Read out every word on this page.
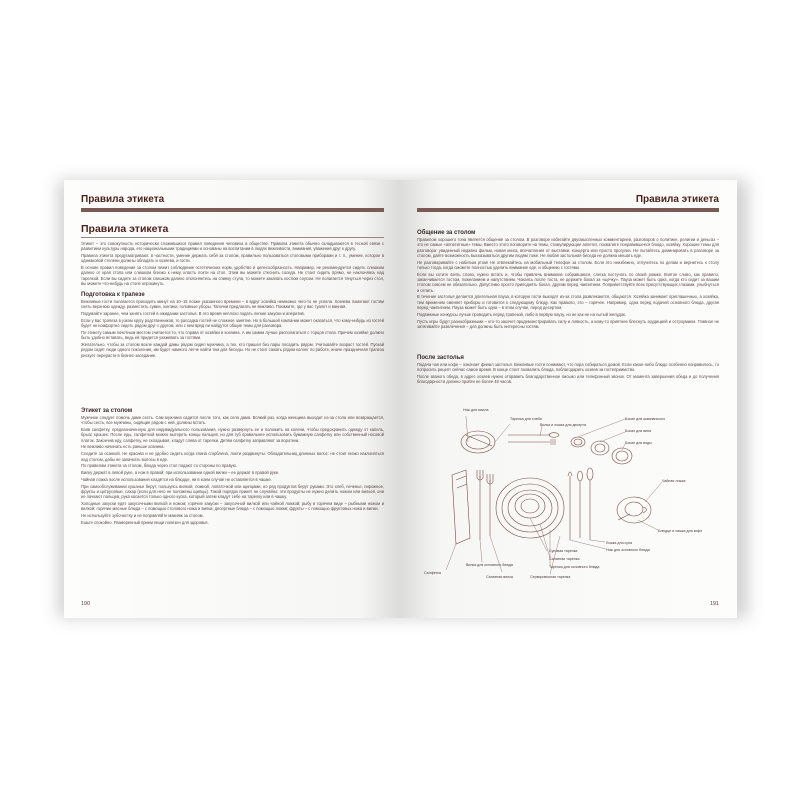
Правила этикета
Правила этикета

Этикет – это совокупность исторически сложившихся правил поведения человека в обществе. Правила этикета обычно складываются в тесной связи с развитием культуры народа, его национальными традициями и основаны на воспитании в людях вежливости, внимания, уважения друг к другу.

Правила этикета предусматривают, в частности, умение держать себя за столом, правильно пользоваться столовыми приборами и т. п., умение, которое в одинаковой степени должны обладать и хозяева, и гости.

В основе правил поведения за столом лежит соблюдение эстетических норм, удобство и целесообразность. Например, не рекомендуется сидеть слишком далеко от края стола или слишком близко к нему, класть локти на стол. Этим вы можете стеснить соседа. Не стоит сидеть прямо, не наклоняясь над тарелкой. Если вы сидите за столом слишком далеко отклоняетесь на спинку стула, то можете закапать костюм соусом. Не полагается тянуться через стол, вы можете что-нибудь на столе опрокинуть.

Подготовка к трапезе

Вежливые гости полагается приходить минут на 10–15 позже указанного времени – в вдруг хозяйка немножко чего-то не успела. Хозяева помогают гостям снять верхнюю одежду, разместить сумки, зонтики, головные уборы. Тапочки предлагать не вежливо. Покажите, где у вас туалет и ванная.

Подумайте заранее, чем занять гостей в ожидании застолья. В это время неплохо подать легкие закуски и аперитив.

Если у вас трапеза в узком кругу родственников, то рассадка гостей не сложное занятие. Но в большой компании может оказаться, что кому-нибудь из гостей будет не комфортно сидеть рядом друг с другом, или с кем вряд ли найдутся общие темы для разговора.

По этикету самым почетным местом считается то, что справа от хозяйки и хозяина. А им самим лучше располагаться с торцов стола. Причем хозяйке должно быть удобно вставать, ведь ей придется ухаживать за гостями.

Желательно, чтобы за столом возле каждой дамы рядом сидел мужчина, а тех, кто пришел без пары посадить рядом. Учитывайте возраст гостей. Пускай рядом сидят люди одного поколения, им будет намного легче найти тем для беседы. Но не стоит сажать рядом коллег по работе, иначе праздничная трапеза рискует перерасти в бизнес-заседание.

Этикет за столом

Мужчине следует помочь даме сесть. Сам мужчина садится после того, как села дама. Всякий раз, когда женщина выходит из-за стола или возвращается, чтобы сесть, все мужчины, сидящие рядом с ней, должны встать.

Взяв салфетку, предназначенную для индивидуального пользования, нужно развернуть ее и положить на колени, чтобы предохранить одежду от капель, брызг, крошек. После еды, салфеткой можно вытереть концы пальцев, но для губ правильнее использовать бумажную салфетку или собственный носовой платок. Закончив еду, салфетку, не складывая, кладут слева от тарелки. Детям салфетку заправляют за воротник.

Не вежливо начинать есть раньше хозяина.

Следите за осанкой. Не красиво и не удобно сидеть когда спина сгорблена, локти раздвинуты. Обладательниц длинных волос: не стоит низко наклоняться над столом, дабы не запачкать волосы в еде.

По правилам этикета за столом, блюда через стол подают со стороны по правую.

Вилку держат в левой руке, а нож в правой; при использовании одной вилки – ее держат в правой руке.

Чайная ложка после использования кладётся на блюдце, ни в коем случае не оставляется в чашке.

При самообслуживании кушанье берут, пользуясь вилкой, ложкой, лопаточкой или щипцами, но ряд продуктов берут руками. Это хлеб, печенье, пирожное, фрукты и цитрусовые, сахар (если для него не положены щипцы). Такой порядок принят не случайно: эти продукты не нужно делить ножом или вилкой, они не пачкают пальцев, рука касается только одного куска, который затем кладут себе на тарелку или в чашку.

Холодные закуски едят закусочными вилкой и ножом; горячие закуски – закусочной вилкой или чайной ложкой; рыбу в горячем виде – рыбными ножом и вилкой; горячие мясные блюда – с помощью столового ножа и вилки; десертные блюда – с помощью ложки; фрукты – с помощью фруктовых ножа и вилки.

Не используйте зубочистку и не поправляйте макияж за столом.

Ешьте спокойно. Размеренный прием пищи полезен для здоровья.

190
Правила этикета
Общение за столом

Правилом хорошего тона является общение за столом. В разговоре избегайте двусмысленных комментариев, разговоров о политике, религии и деньгах – это не самые «аппетитные» темы. Вместо этого поговорите на темы, стимулирующие аппетит, похвалите понравившееся блюдо, хозяйку. Хорошие темы для разговора: увиденный недавно фильм, новая книга, впечатления от выставки, концерта или просто прогулки. Не пытайтесь доминировать в разговоре за столом, дайте возможность высказываться другим людям тоже. Не любая застольная беседа не должна мешать еде.

Не разговаривайте с набитым ртом! Не отвлекайтесь на мобильный телефон за столом. Если это неизбежно, отлучитесь по делам и вернитесь к столу только тогда, когда сможете полностью уделить внимание еде, и общению с гостями.

Если вы хотите взять слово, нужно встать и, чтобы привлечь внимание собравшихся, слегка постучать по своей рюмке. Взятое слово, как правило, заканчивается тостом, пожеланием и напутствием. Чокаясь после тоста, не держите бокал за «щечку». Пауза может быть одна, когда кто сидит за вашим столом совсем не обязательно. Допустимо просто приподнять бокал, другим перед чаепитием. Поприветствуйте всех присутствующих глазами, улыбнуться и отпить.

В течение застолья делается длительная пауза, в которую гости выходят из-за стола развлекаются, общаются. Хозяйка занимает приглашенных, а хозяйка, тем временем сменяет приборы и готовится к следующему блюду. Как правило, это – горячее. Например, одна перед подачей основного блюда, другая перед чаепитием. Пауза может быть одна – в этом случае, перед десертом.

Подвижные конкурсы лучше проводить перед трапезой, либо в первую паузу, но не как не на сытый желудок.

Пусть игры будут разнообразными – кто-то захочет продемонстрировать силу и ловкость, а кому-то приятнее блеснуть эрудицией и остроумием. Главное не затягивайте развлечения – для должны быть интересны гостям.

После застолья

Подача чая или кофе – означает финал застолья. Вежливые гости понимают, что пора собираться домой. Если какое-либо блюдо особенно понравилось, то попросить рецепт сейчас самое время. В конце стоит похвалить блюда, поблагодарить хозяев за гостеприимство.

После званого обеда, в адрес хозяев нужно отправить благодарственное письмо или телефонный звонок. От момента завершения обеда и до получения благодарности должно пройти не более 48 часов.

Нож для масла
Тарелка для хлеба
Вилка и ложка для десерта
Бокал для шампанского
Бокал для вина
Бокал для воды
Чайная ложка
Блюдце и чашка для кофе
Салфетка
Вилка для основного блюда
Салатная вилка
Суповая тарелка
Салатная тарелка
Тарелка для основного блюда
Сервировочная тарелка
Ложка для супа
Нож для основного блюда
191
